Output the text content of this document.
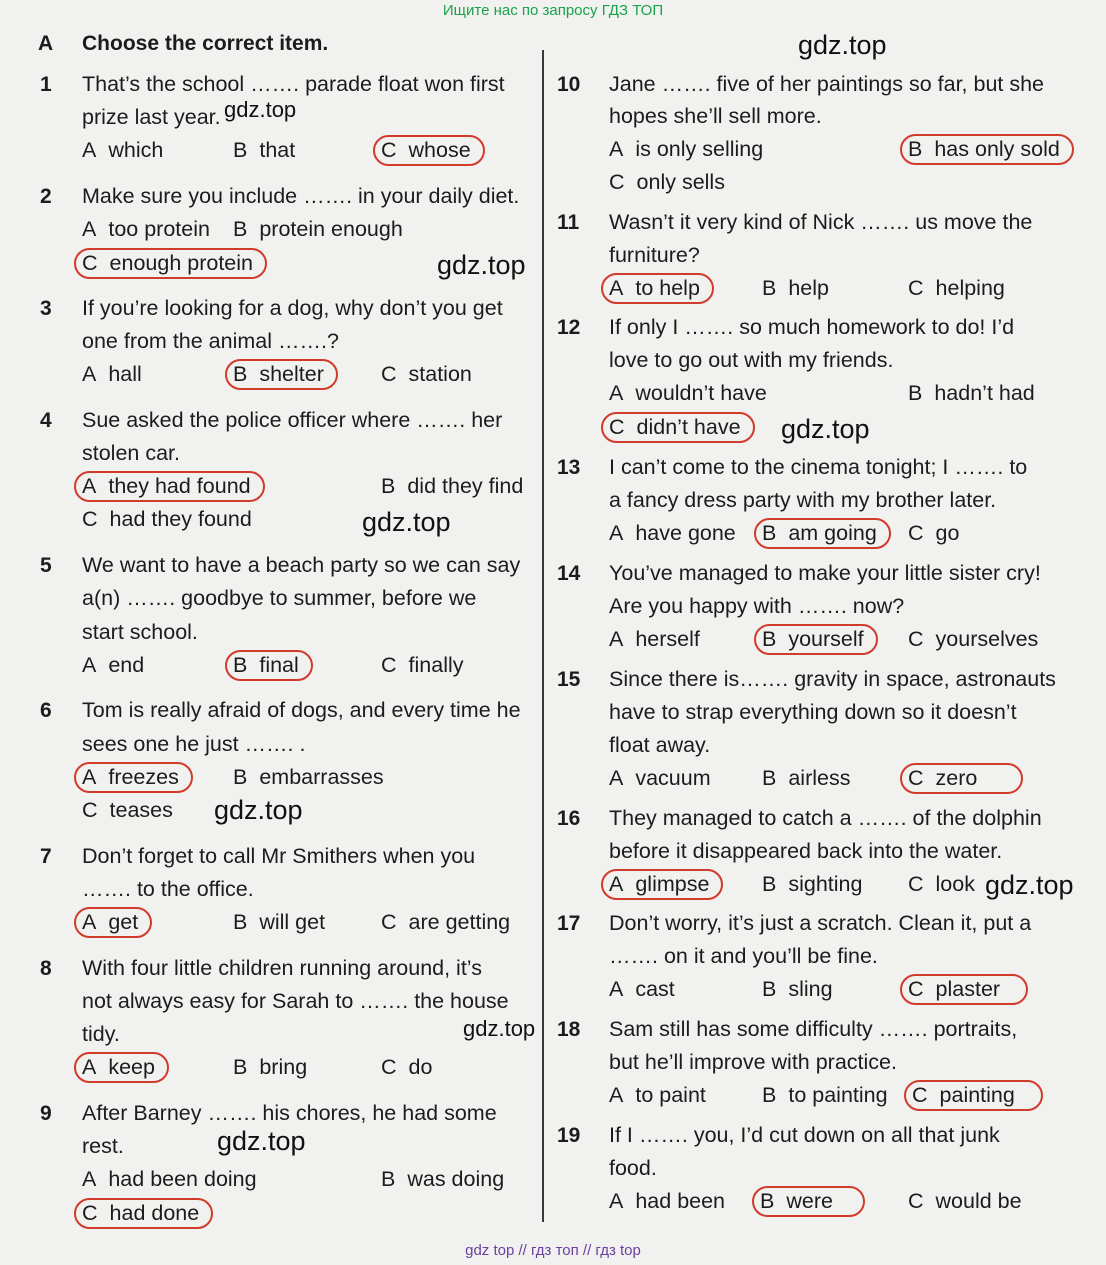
Ищите нас по запросу ГДЗ ТОП
A Choose the correct item.
1 That’s the school ……. parade float won first
prize last year.
A which	B that	C whose
2 Make sure you include ……. in your daily diet.
A too protein B protein enough
C enough protein
3 If you’re looking for a dog, why don’t you get
one from the animal …….?
A hall	B shelter	C station
4 Sue asked the police officer where ……. her
stolen car.
A they had found	B did they find
C had they found
5 We want to have a beach party so we can say
a(n) ……. goodbye to summer, before we
start school.
A end	B final	C finally
6 Tom is really afraid of dogs, and every time he
sees one he just ……. .
A freezes	B embarrasses
C teases
7 Don’t forget to call Mr Smithers when you
……. to the office.
A get	B will get	C are getting
8 With four little children running around, it’s
not always easy for Sarah to ……. the house
tidy.
A keep	B bring	C do
9 After Barney ……. his chores, he had some
rest.
A had been doing	B was doing
C had done
10 Jane ……. five of her paintings so far, but she
hopes she’ll sell more.
A is only selling	B has only sold
C only sells
11 Wasn’t it very kind of Nick ……. us move the
furniture?
A to help	B help	C helping
12 If only I ……. so much homework to do! I’d
love to go out with my friends.
A wouldn’t have	B hadn’t had
C didn’t have
13 I can’t come to the cinema tonight; I ……. to
a fancy dress party with my brother later.
A have gone B am going	C go
14 You’ve managed to make your little sister cry!
Are you happy with ……. now?
A herself	B yourself	C yourselves
15 Since there is……. gravity in space, astronauts
have to strap everything down so it doesn’t
float away.
A vacuum B airless	C zero
16 They managed to catch a ……. of the dolphin
before it disappeared back into the water.
A glimpse	B sighting C look
17 Don’t worry, it’s just a scratch. Clean it, put a
……. on it and you’ll be fine.
A cast	B sling	C plaster
18 Sam still has some difficulty ……. portraits,
but he’ll improve with practice.
A to paint	B to painting C painting
19 If I ……. you, I’d cut down on all that junk
food.
A had been B were	C would be
gdz.top
gdz.top
gdz.top
gdz.top
gdz.top
gdz.top
gdz.top
gdz.top
gdz.top
gdz top // гдз топ // гдз top
